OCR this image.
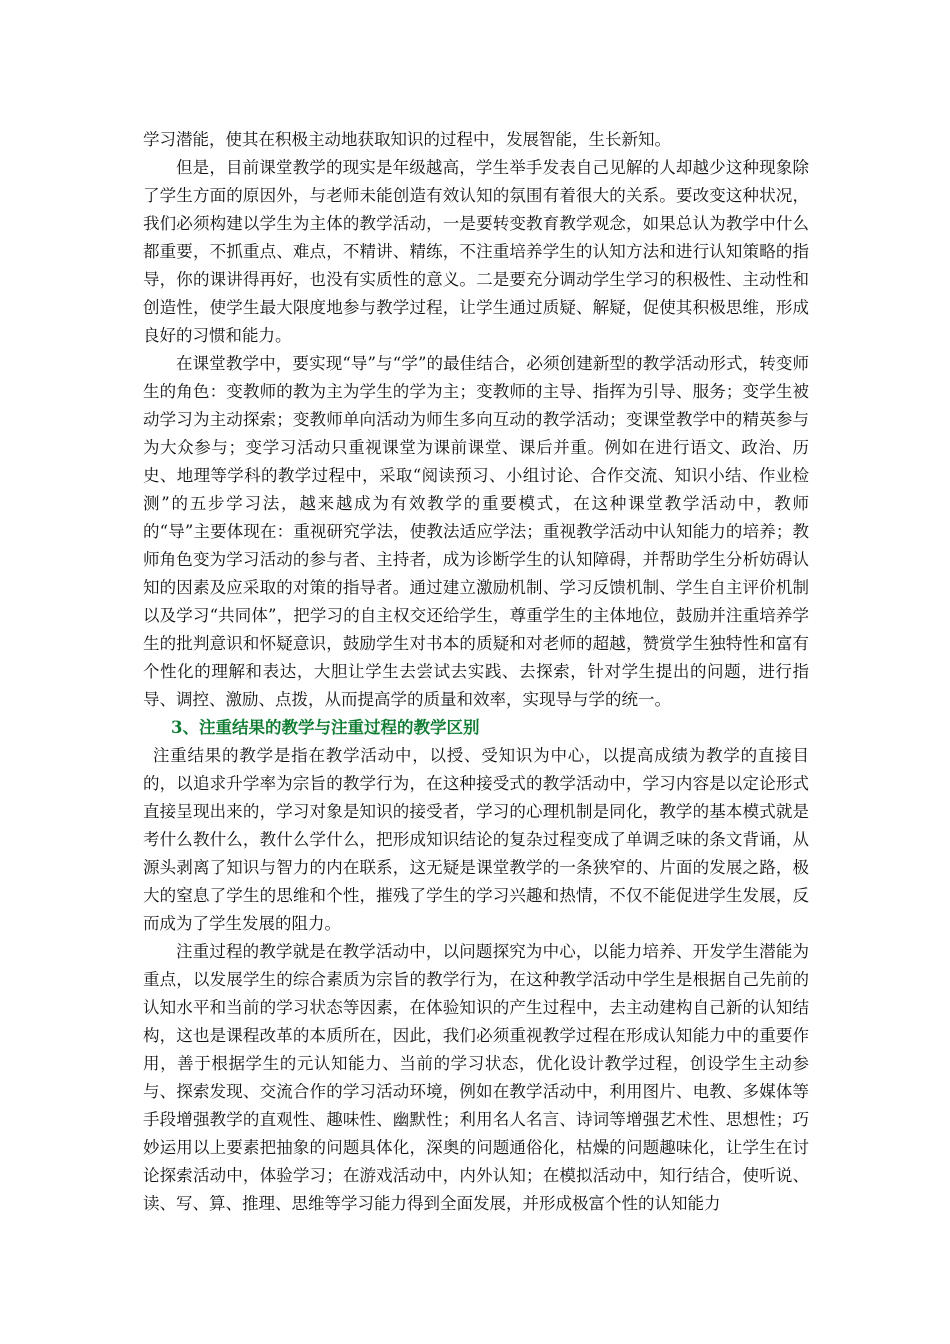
学习潜能，使其在积极主动地获取知识的过程中，发展智能，生长新知。

但是，目前课堂教学的现实是年级越高，学生举手发表自己见解的人却越少这种现象除了学生方面的原因外，与老师未能创造有效认知的氛围有着很大的关系。要改变这种状况，我们必须构建以学生为主体的教学活动，一是要转变教育教学观念，如果总认为教学中什么都重要，不抓重点、难点，不精讲、精练，不注重培养学生的认知方法和进行认知策略的指导，你的课讲得再好，也没有实质性的意义。二是要充分调动学生学习的积极性、主动性和创造性，使学生最大限度地参与教学过程，让学生通过质疑、解疑，促使其积极思维，形成良好的习惯和能力。

在课堂教学中，要实现“导”与“学”的最佳结合，必须创建新型的教学活动形式，转变师生的角色：变教师的教为主为学生的学为主；变教师的主导、指挥为引导、服务；变学生被动学习为主动探索；变教师单向活动为师生多向互动的教学活动；变课堂教学中的精英参与为大众参与；变学习活动只重视课堂为课前课堂、课后并重。例如在进行语文、政治、历史、地理等学科的教学过程中，采取“阅读预习、小组讨论、合作交流、知识小结、作业检测”的五步学习法，越来越成为有效教学的重要模式，在这种课堂教学活动中，教师的“导”主要体现在：重视研究学法，使教法适应学法；重视教学活动中认知能力的培养；教师角色变为学习活动的参与者、主持者，成为诊断学生的认知障碍，并帮助学生分析妨碍认知的因素及应采取的对策的指导者。通过建立激励机制、学习反馈机制、学生自主评价机制以及学习“共同体”，把学习的自主权交还给学生，尊重学生的主体地位，鼓励并注重培养学生的批判意识和怀疑意识，鼓励学生对书本的质疑和对老师的超越，赞赏学生独特性和富有个性化的理解和表达，大胆让学生去尝试去实践、去探索，针对学生提出的问题，进行指导、调控、激励、点拨，从而提高学的质量和效率，实现导与学的统一。

3、注重结果的教学与注重过程的教学区别

注重结果的教学是指在教学活动中，以授、受知识为中心，以提高成绩为教学的直接目的，以追求升学率为宗旨的教学行为，在这种接受式的教学活动中，学习内容是以定论形式直接呈现出来的，学习对象是知识的接受者，学习的心理机制是同化，教学的基本模式就是考什么教什么，教什么学什么，把形成知识结论的复杂过程变成了单调乏味的条文背诵，从源头剥离了知识与智力的内在联系，这无疑是课堂教学的一条狭窄的、片面的发展之路，极大的窒息了学生的思维和个性，摧残了学生的学习兴趣和热情，不仅不能促进学生发展，反而成为了学生发展的阻力。

注重过程的教学就是在教学活动中，以问题探究为中心，以能力培养、开发学生潜能为重点，以发展学生的综合素质为宗旨的教学行为，在这种教学活动中学生是根据自己先前的认知水平和当前的学习状态等因素，在体验知识的产生过程中，去主动建构自己新的认知结构，这也是课程改革的本质所在，因此，我们必须重视教学过程在形成认知能力中的重要作用，善于根据学生的元认知能力、当前的学习状态，优化设计教学过程，创设学生主动参与、探索发现、交流合作的学习活动环境，例如在教学活动中，利用图片、电教、多媒体等手段增强教学的直观性、趣味性、幽默性；利用名人名言、诗词等增强艺术性、思想性；巧妙运用以上要素把抽象的问题具体化，深奥的问题通俗化，枯燥的问题趣味化，让学生在讨论探索活动中，体验学习；在游戏活动中，内外认知；在模拟活动中，知行结合，使听说、读、写、算、推理、思维等学习能力得到全面发展，并形成极富个性的认知能力
